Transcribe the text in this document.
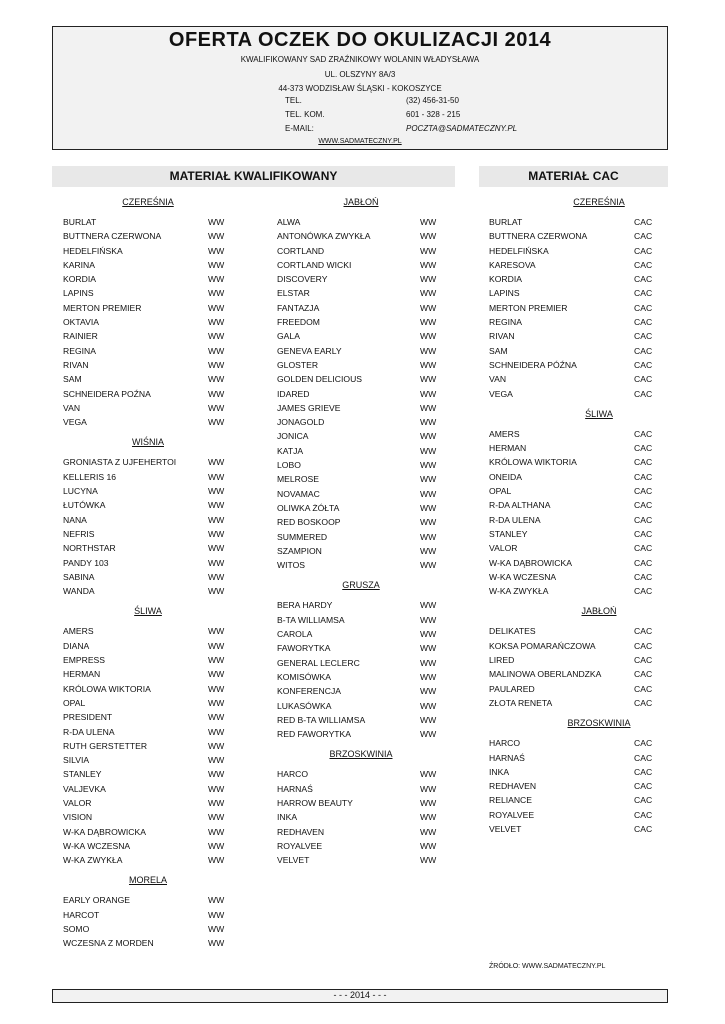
OFERTA OCZEK DO OKULIZACJI 2014
KWALIFIKOWANY SAD ZRAŹNIKOWY WOLANIN WŁADYSŁAWA
UL. OLSZYNY 8A/3
44-373 WODZISŁAW ŚLĄSKI - KOKOSZYCE
TEL.	(32) 456-31-50
TEL. KOM.	601 - 328 - 215
E-MAIL:	POCZTA@SADMATECZNY.PL
WWW.SADMATECZNY.PL
MATERIAŁ KWALIFIKOWANY	MATERIAŁ CAC
CZEREŚNIA
BURLAT	WW
BUTTNERA CZERWONA	WW
HEDELFIŃSKA	WW
KARINA	WW
KORDIA	WW
LAPINS	WW
MERTON PREMIER	WW
OKTAVIA	WW
RAINIER	WW
REGINA	WW
RIVAN	WW
SAM	WW
SCHNEIDERA POŹNA	WW
VAN	WW
VEGA	WW
WIŚNIA
GRONIASTA Z UJFEHERTOI	WW
KELLERIS 16	WW
LUCYNA	WW
ŁUTÓWKA	WW
NANA	WW
NEFRIS	WW
NORTHSTAR	WW
PANDY 103	WW
SABINA	WW
WANDA	WW
ŚLIWA
AMERS	WW
DIANA	WW
EMPRESS	WW
HERMAN	WW
KRÓLOWA WIKTORIA	WW
OPAL	WW
PRESIDENT	WW
R-DA ULENA	WW
RUTH GERSTETTER	WW
SILVIA	WW
STANLEY	WW
VALJEVKA	WW
VALOR	WW
VISION	WW
W-KA DĄBROWICKA	WW
W-KA WCZESNA	WW
W-KA ZWYKŁA	WW
MORELA
EARLY ORANGE	WW
HARCOT	WW
SOMO	WW
WCZESNA Z MORDEN	WW
JABŁOŃ
ALWA	WW
ANTONÓWKA ZWYKŁA	WW
CORTLAND	WW
CORTLAND WICKI	WW
DISCOVERY	WW
ELSTAR	WW
FANTAZJA	WW
FREEDOM	WW
GALA	WW
GENEVA EARLY	WW
GLOSTER	WW
GOLDEN DELICIOUS	WW
IDARED	WW
JAMES GRIEVE	WW
JONAGOLD	WW
JONICA	WW
KATJA	WW
LOBO	WW
MELROSE	WW
NOVAMAC	WW
OLIWKA ŻÓŁTA	WW
RED BOSKOOP	WW
SUMMERED	WW
SZAMPION	WW
WITOS	WW
GRUSZA
BERA HARDY	WW
B-TA WILLIAMSA	WW
CAROLA	WW
FAWORYTKA	WW
GENERAL LECLERC	WW
KOMISÓWKA	WW
KONFERENCJA	WW
LUKASÓWKA	WW
RED B-TA WILLIAMSA	WW
RED FAWORYTKA	WW
BRZOSKWINIA
HARCO	WW
HARNAŚ	WW
HARROW BEAUTY	WW
INKA	WW
REDHAVEN	WW
ROYALVEE	WW
VELVET	WW
CZEREŚNIA
BURLAT	CAC
BUTTNERA CZERWONA	CAC
HEDELFIŃSKA	CAC
KARESOVA	CAC
KORDIA	CAC
LAPINS	CAC
MERTON PREMIER	CAC
REGINA	CAC
RIVAN	CAC
SAM	CAC
SCHNEIDERA PÓŹNA	CAC
VAN	CAC
VEGA	CAC
ŚLIWA
AMERS	CAC
HERMAN	CAC
KRÓLOWA WIKTORIA	CAC
ONEIDA	CAC
OPAL	CAC
R-DA ALTHANA	CAC
R-DA ULENA	CAC
STANLEY	CAC
VALOR	CAC
W-KA DĄBROWICKA	CAC
W-KA WCZESNA	CAC
W-KA ZWYKŁA	CAC
JABŁOŃ
DELIKATES	CAC
KOKSA POMARAŃCZOWA	CAC
LIRED	CAC
MALINOWA OBERLANDZKA	CAC
PAULARED	CAC
ZŁOTA RENETA	CAC
BRZOSKWINIA
HARCO	CAC
HARNAŚ	CAC
INKA	CAC
REDHAVEN	CAC
RELIANCE	CAC
ROYALVEE	CAC
VELVET	CAC
ŹRÓDŁO: WWW.SADMATECZNY.PL
- - - 2014 - - -
